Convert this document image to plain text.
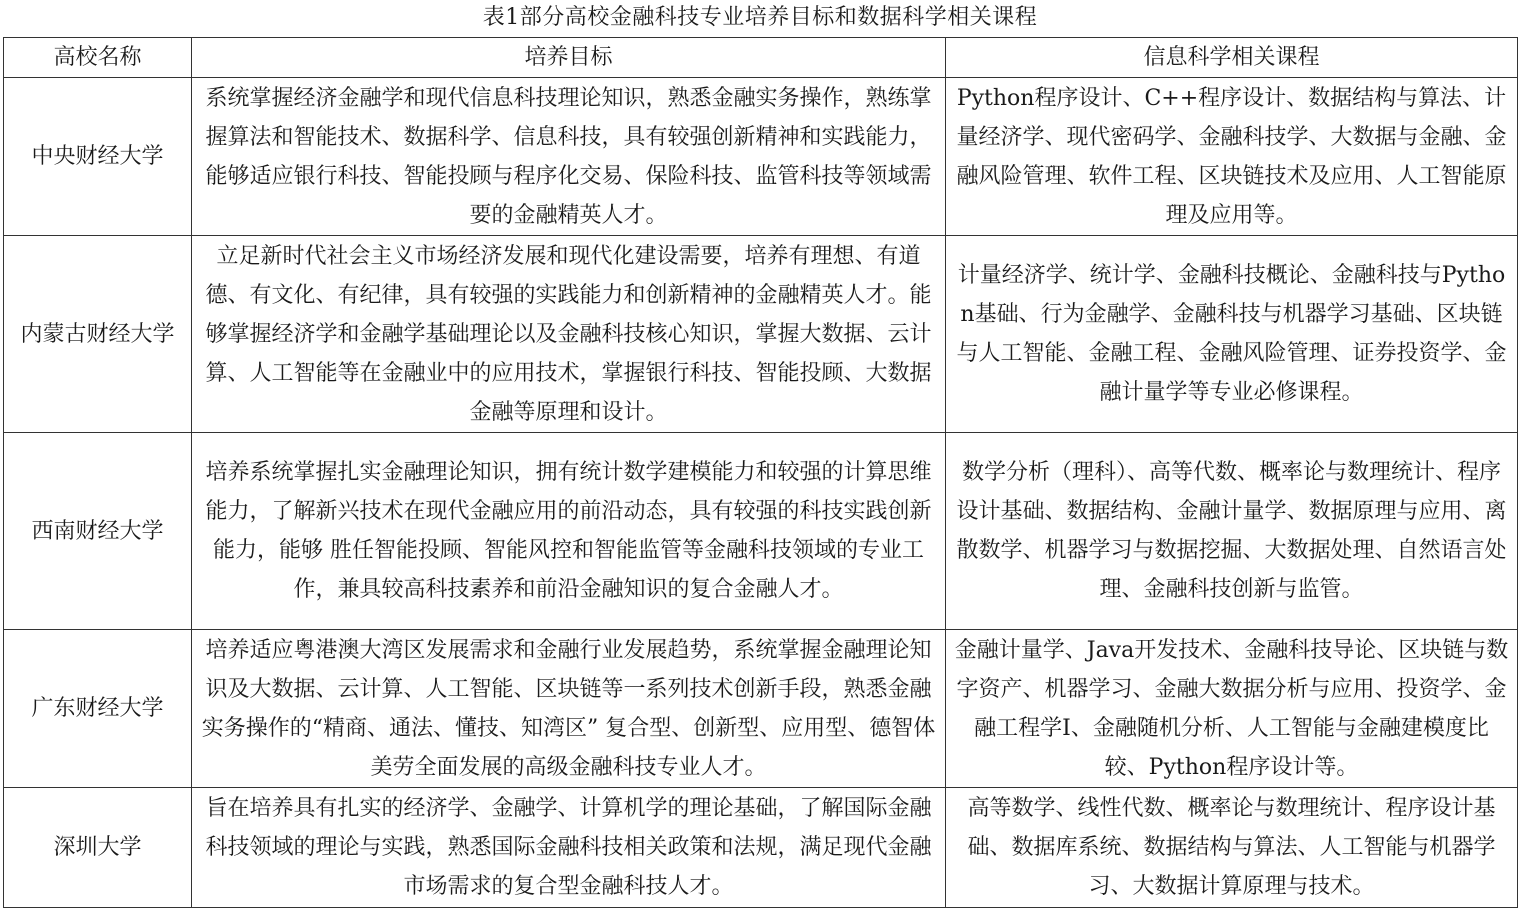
表1部分高校金融科技专业培养目标和数据科学相关课程
高校名称	培养目标	信息科学相关课程
中央财经大学	系统掌握经济金融学和现代信息科技理论知识，熟悉金融实务操作，熟练掌握算法和智能技术、数据科学、信息科技，具有较强创新精神和实践能力，能够适应银行科技、智能投顾与程序化交易、保险科技、监管科技等领域需要的金融精英人才。	Python程序设计、C++程序设计、数据结构与算法、计量经济学、现代密码学、金融科技学、大数据与金融、金融风险管理、软件工程、区块链技术及应用、人工智能原理及应用等。
内蒙古财经大学	立足新时代社会主义市场经济发展和现代化建设需要，培养有理想、有道德、有文化、有纪律，具有较强的实践能力和创新精神的金融精英人才。能够掌握经济学和金融学基础理论以及金融科技核心知识，掌握大数据、云计算、人工智能等在金融业中的应用技术，掌握银行科技、智能投顾、大数据金融等原理和设计。	计量经济学、统计学、金融科技概论、金融科技与Python基础、行为金融学、金融科技与机器学习基础、区块链与人工智能、金融工程、金融风险管理、证券投资学、金融计量学等专业必修课程。
西南财经大学	培养系统掌握扎实金融理论知识，拥有统计数学建模能力和较强的计算思维能力，了解新兴技术在现代金融应用的前沿动态，具有较强的科技实践创新能力，能够 胜任智能投顾、智能风控和智能监管等金融科技领域的专业工作，兼具较高科技素养和前沿金融知识的复合金融人才。	数学分析（理科）、高等代数、概率论与数理统计、程序设计基础、数据结构、金融计量学、数据原理与应用、离散数学、机器学习与数据挖掘、大数据处理、自然语言处理、金融科技创新与监管。
广东财经大学	培养适应粤港澳大湾区发展需求和金融行业发展趋势，系统掌握金融理论知识及大数据、云计算、人工智能、区块链等一系列技术创新手段，熟悉金融实务操作的“精商、通法、懂技、知湾区” 复合型、创新型、应用型、德智体美劳全面发展的高级金融科技专业人才。	金融计量学、Java开发技术、金融科技导论、区块链与数字资产、机器学习、金融大数据分析与应用、投资学、金融工程学I、金融随机分析、人工智能与金融建模度比较、Python程序设计等。
深圳大学	旨在培养具有扎实的经济学、金融学、计算机学的理论基础，了解国际金融科技领域的理论与实践，熟悉国际金融科技相关政策和法规，满足现代金融市场需求的复合型金融科技人才。	高等数学、线性代数、概率论与数理统计、程序设计基础、数据库系统、数据结构与算法、人工智能与机器学习、大数据计算原理与技术。
